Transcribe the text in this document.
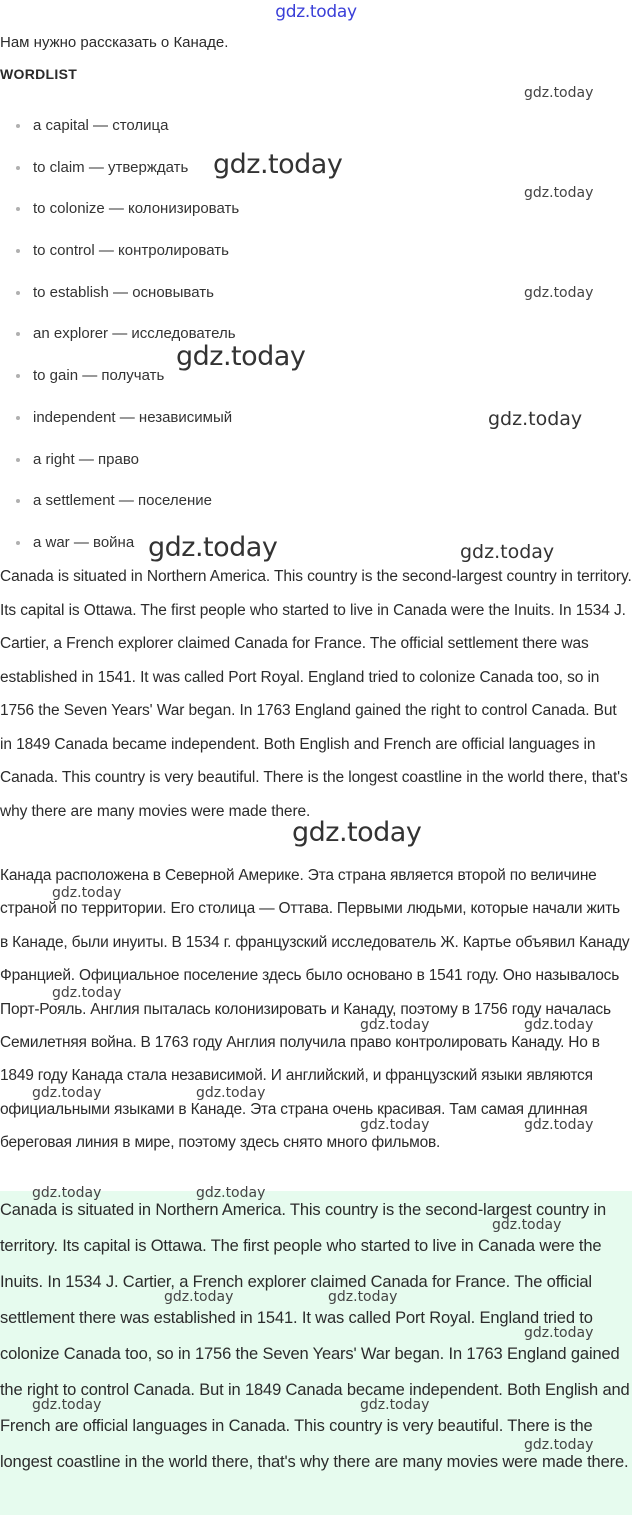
gdz.today
Нам нужно рассказать о Канаде.
WORDLIST
a capital — столица
to claim — утверждать
to colonize — колонизировать
to control — контролировать
to establish — основывать
an explorer — исследователь
to gain — получать
independent — независимый
a right — право
a settlement — поселение
a war — война

Canada is situated in Northern America. This country is the second-largest country in territory. Its capital is Ottawa. The first people who started to live in Canada were the Inuits. In 1534 J. Cartier, a French explorer claimed Canada for France. The official settlement there was established in 1541. It was called Port Royal. England tried to colonize Canada too, so in 1756 the Seven Years' War began. In 1763 England gained the right to control Canada. But in 1849 Canada became independent. Both English and French are official languages in Canada. This country is very beautiful. There is the longest coastline in the world there, that's why there are many movies were made there.

Канада расположена в Северной Америке. Эта страна является второй по величине страной по территории. Его столица — Оттава. Первыми людьми, которые начали жить в Канаде, были инуиты. В 1534 г. французский исследователь Ж. Картье объявил Канаду Францией. Официальное поселение здесь было основано в 1541 году. Оно называлось Порт-Рояль. Англия пыталась колонизировать и Канаду, поэтому в 1756 году началась Семилетняя война. В 1763 году Англия получила право контролировать Канаду. Но в 1849 году Канада стала независимой. И английский, и французский языки являются официальными языками в Канаде. Эта страна очень красивая. Там самая длинная береговая линия в мире, поэтому здесь снято много фильмов.

Canada is situated in Northern America. This country is the second-largest country in territory. Its capital is Ottawa. The first people who started to live in Canada were the Inuits. In 1534 J. Cartier, a French explorer claimed Canada for France. The official settlement there was established in 1541. It was called Port Royal. England tried to colonize Canada too, so in 1756 the Seven Years' War began. In 1763 England gained the right to control Canada. But in 1849 Canada became independent. Both English and French are official languages in Canada. This country is very beautiful. There is the longest coastline in the world there, that's why there are many movies were made there.

gdz.today
gdz.today
gdz.today
gdz.today
gdz.today
gdz.today
gdz.today	gdz.today
gdz.today
gdz.today
gdz.today
gdz.today	gdz.today
gdz.today	gdz.today
gdz.today	gdz.today
gdz.today	gdz.today
gdz.today
gdz.today	gdz.today
gdz.today
gdz.today	gdz.today
gdz.today
